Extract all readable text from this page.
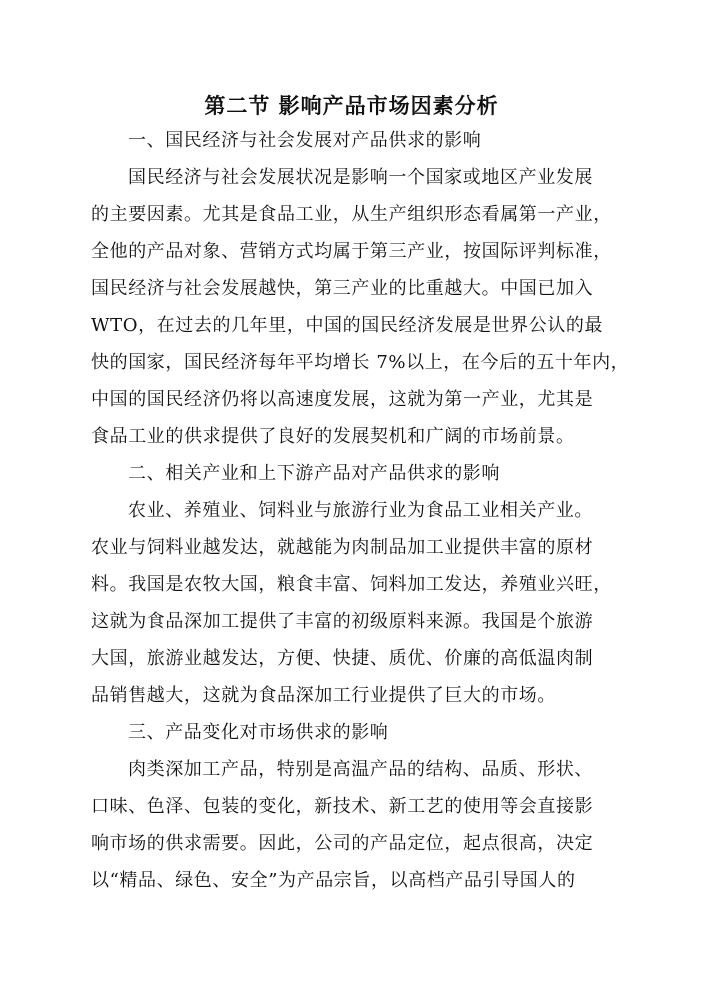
第二节 影响产品市场因素分析
一、国民经济与社会发展对产品供求的影响
国民经济与社会发展状况是影响一个国家或地区产业发展
的主要因素。尤其是食品工业，从生产组织形态看属第一产业，
全他的产品对象、营销方式均属于第三产业，按国际评判标准，
国民经济与社会发展越快，第三产业的比重越大。中国已加入
WTO，在过去的几年里，中国的国民经济发展是世界公认的最
快的国家，国民经济每年平均增长 7%以上，在今后的五十年内，
中国的国民经济仍将以高速度发展，这就为第一产业，尤其是
食品工业的供求提供了良好的发展契机和广阔的市场前景。
二、相关产业和上下游产品对产品供求的影响
农业、养殖业、饲料业与旅游行业为食品工业相关产业。
农业与饲料业越发达，就越能为肉制品加工业提供丰富的原材
料。我国是农牧大国，粮食丰富、饲料加工发达，养殖业兴旺，
这就为食品深加工提供了丰富的初级原料来源。我国是个旅游
大国，旅游业越发达，方便、快捷、质优、价廉的高低温肉制
品销售越大，这就为食品深加工行业提供了巨大的市场。
三、产品变化对市场供求的影响
肉类深加工产品，特别是高温产品的结构、品质、形状、
口味、色泽、包装的变化，新技术、新工艺的使用等会直接影
响市场的供求需要。因此，公司的产品定位，起点很高，决定
以“精品、绿色、安全”为产品宗旨，以高档产品引导国人的
